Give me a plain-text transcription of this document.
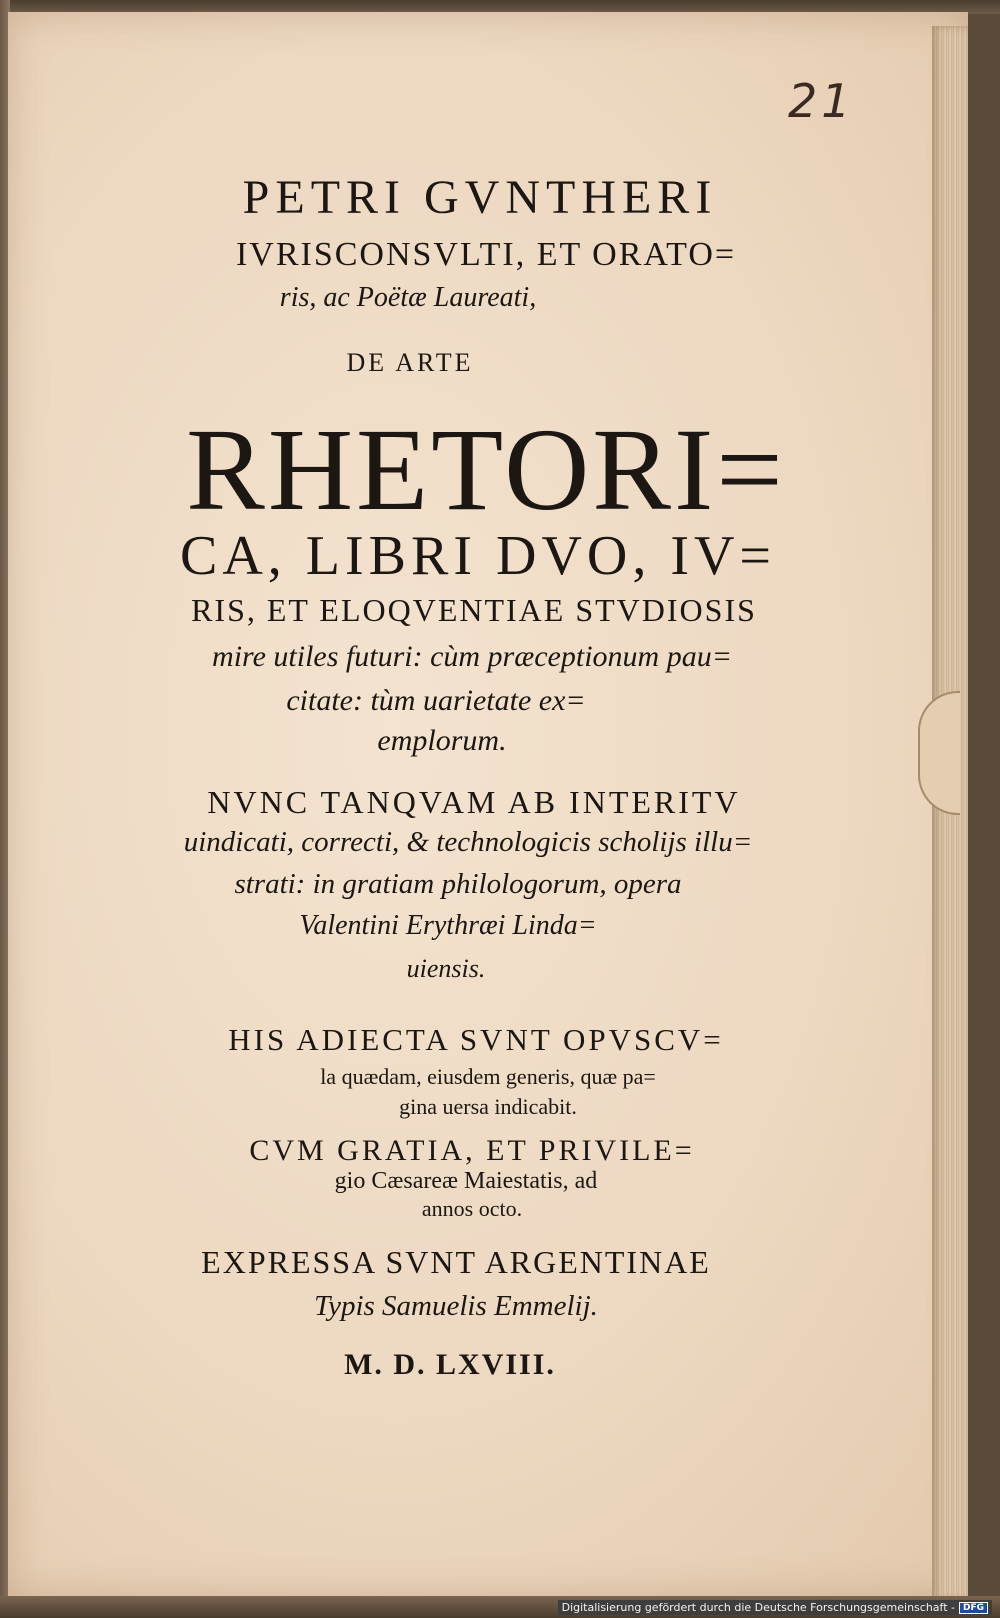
21
PETRI GVNTHERI
IVRISCONSVLTI, ET ORATO=
ris, ac Poëtæ Laureati,
DE ARTE
RHETORI=
CA, LIBRI DVO, IV=
RIS, ET ELOQVENTIAE STVDIOSIS
mire utiles futuri: cùm præceptionum pau=
citate: tùm uarietate ex=
emplorum.
NVNC TANQVAM AB INTERITV
uindicati, correcti, & technologicis scholijs illu=
strati: in gratiam philologorum, opera
Valentini Erythræi Linda=
uiensis.
HIS ADIECTA SVNT OPVSCV=
la quædam, eiusdem generis, quæ pa=
gina uersa indicabit.
CVM GRATIA, ET PRIVILE=
gio Cæsareæ Maiestatis, ad
annos octo.
EXPRESSA SVNT ARGENTINAE
Typis Samuelis Emmelij.
M. D. LXVIII.
Digitalisierung gefördert durch die Deutsche Forschungsgemeinschaft - DFG
